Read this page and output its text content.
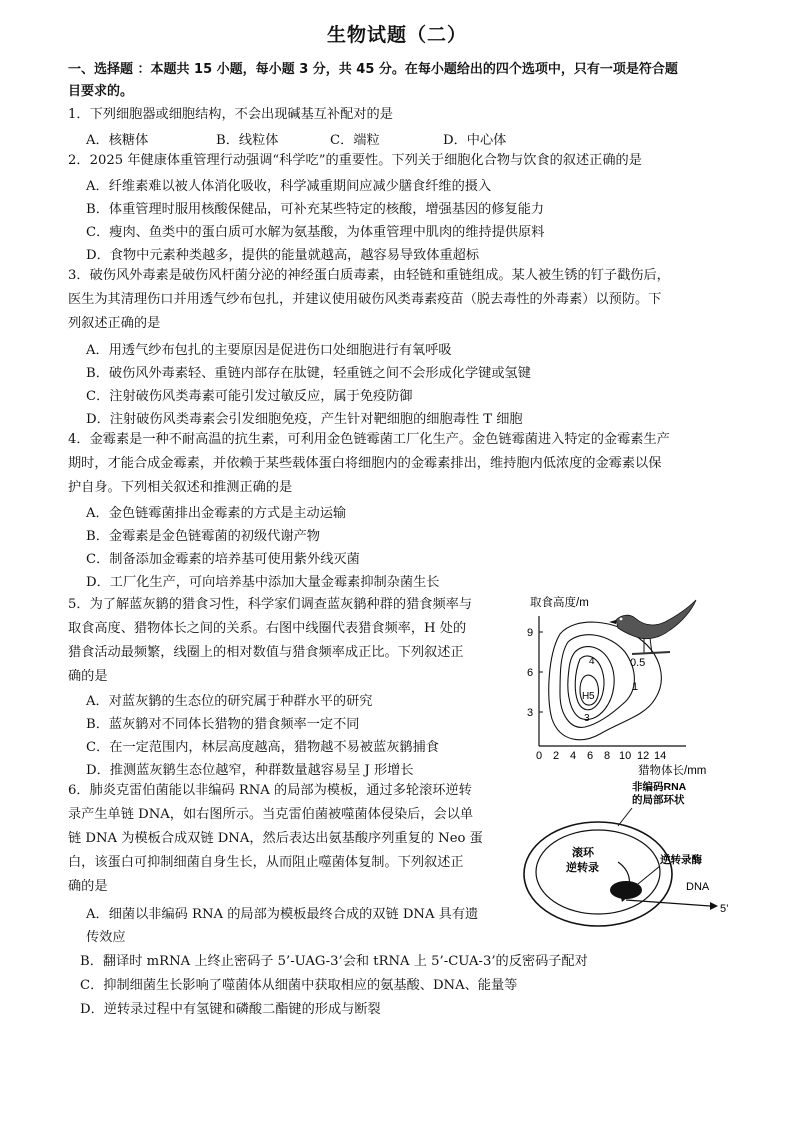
生物试题（二）
一、选择题 ：本题共 15 小题，每小题 3 分，共 45 分。在每小题给出的四个选项中，只有一项是符合题
目要求的。
1．下列细胞器或细胞结构，不会出现碱基互补配对的是
A．核糖体	B．线粒体	C．端粒	D．中心体
2．2025 年健康体重管理行动强调“科学吃”的重要性。下列关于细胞化合物与饮食的叙述正确的是
A．纤维素难以被人体消化吸收，科学减重期间应减少膳食纤维的摄入
B．体重管理时服用核酸保健品，可补充某些特定的核酸，增强基因的修复能力
C．瘦肉、鱼类中的蛋白质可水解为氨基酸，为体重管理中肌肉的维持提供原料
D．食物中元素种类越多，提供的能量就越高，越容易导致体重超标
3．破伤风外毒素是破伤风杆菌分泌的神经蛋白质毒素，由轻链和重链组成。某人被生锈的钉子戳伤后，
医生为其清理伤口并用透气纱布包扎，并建议使用破伤风类毒素疫苗（脱去毒性的外毒素）以预防。下
列叙述正确的是
A．用透气纱布包扎的主要原因是促进伤口处细胞进行有氧呼吸
B．破伤风外毒素轻、重链内部存在肽键，轻重链之间不会形成化学键或氢键
C．注射破伤风类毒素可能引发过敏反应，属于免疫防御
D．注射破伤风类毒素会引发细胞免疫，产生针对靶细胞的细胞毒性 T 细胞
4．金霉素是一种不耐高温的抗生素，可利用金色链霉菌工厂化生产。金色链霉菌进入特定的金霉素生产
期时，才能合成金霉素，并依赖于某些载体蛋白将细胞内的金霉素排出，维持胞内低浓度的金霉素以保
护自身。下列相关叙述和推测正确的是
A．金色链霉菌排出金霉素的方式是主动运输
B．金霉素是金色链霉菌的初级代谢产物
C．制备添加金霉素的培养基可使用紫外线灭菌
D．工厂化生产，可向培养基中添加大量金霉素抑制杂菌生长
5．为了解蓝灰鹟的猎食习性，科学家们调查蓝灰鹟种群的猎食频率与
取食高度、猎物体长之间的关系。右图中线圈代表猎食频率，H 处的
猎食活动最频繁，线圈上的相对数值与猎食频率成正比。下列叙述正
确的是
A．对蓝灰鹟的生态位的研究属于种群水平的研究
B．蓝灰鹟对不同体长猎物的猎食频率一定不同
C．在一定范围内，林层高度越高，猎物越不易被蓝灰鹟捕食
D．推测蓝灰鹟生态位越窄，种群数量越容易呈 J 形增长
取食高度/m
9
6
3
0 2 4 6 8 10 12 14
猎物体长/mm
0.5
1
3
4
H 5
6．肺炎克雷伯菌能以非编码 RNA 的局部为模板，通过多轮滚环逆转
录产生单链 DNA，如右图所示。当克雷伯菌被噬菌体侵染后，会以单
链 DNA 为模板合成双链 DNA，然后表达出氨基酸序列重复的 Neo 蛋
白，该蛋白可抑制细菌自身生长，从而阻止噬菌体复制。下列叙述正
确的是
A．细菌以非编码 RNA 的局部为模板最终合成的双链 DNA 具有遗
传效应
B．翻译时 mRNA 上终止密码子 5’-UAG-3’会和 tRNA 上 5’-CUA-3’的反密码子配对
C．抑制细菌生长影响了噬菌体从细菌中获取相应的氨基酸、DNA、能量等
D．逆转录过程中有氢键和磷酸二酯键的形成与断裂
非编码RNA
的局部环状
滚环
逆转录
逆转录酶
DNA
5’
